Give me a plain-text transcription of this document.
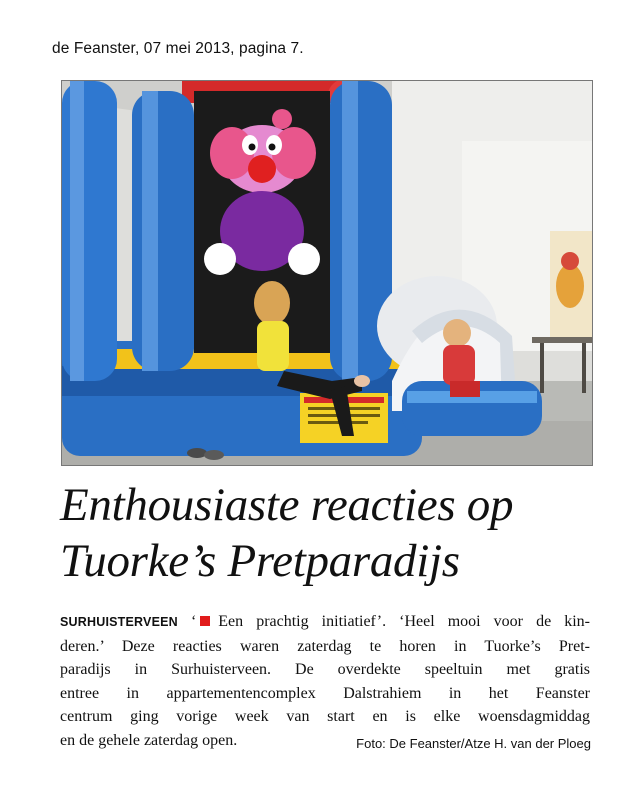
de Feanster, 07 mei 2013, pagina 7.
Enthousiaste reacties op
Tuorke’s Pretparadijs
SURHUISTERVEEN ‘ Een prachtig initiatief’. ‘Heel mooi voor de kin-
deren.’ Deze reacties waren zaterdag te horen in Tuorke’s Pret-
paradijs in Surhuisterveen. De overdekte speeltuin met gratis
entree in appartementencomplex Dalstrahiem in het Feanster
centrum ging vorige week van start en is elke woensdagmiddag
en de gehele zaterdag open.	Foto: De Feanster/Atze H. van der Ploeg
